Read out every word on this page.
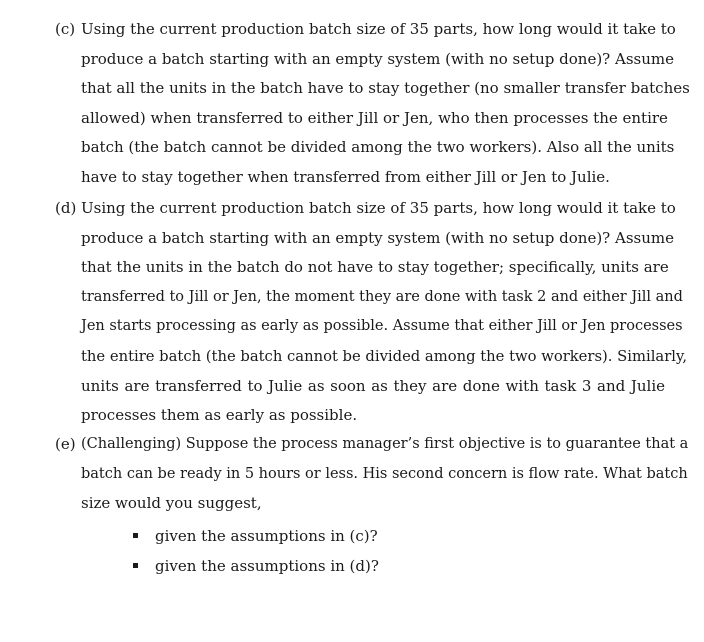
(c) Using the current production batch size of 35 parts, how long would it take to
produce a batch starting with an empty system (with no setup done)? Assume
that all the units in the batch have to stay together (no smaller transfer batches
allowed) when transferred to either Jill or Jen, who then processes the entire
batch (the batch cannot be divided among the two workers). Also all the units
have to stay together when transferred from either Jill or Jen to Julie.
(d) Using the current production batch size of 35 parts, how long would it take to
produce a batch starting with an empty system (with no setup done)? Assume
that the units in the batch do not have to stay together; specifically, units are
transferred to Jill or Jen, the moment they are done with task 2 and either Jill and
Jen starts processing as early as possible. Assume that either Jill or Jen processes
the entire batch (the batch cannot be divided among the two workers). Similarly,
units are transferred to Julie as soon as they are done with task 3 and Julie
processes them as early as possible.
(e) (Challenging) Suppose the process manager’s first objective is to guarantee that a
batch can be ready in 5 hours or less. His second concern is flow rate. What batch
size would you suggest,
given the assumptions in (c)?
given the assumptions in (d)?
